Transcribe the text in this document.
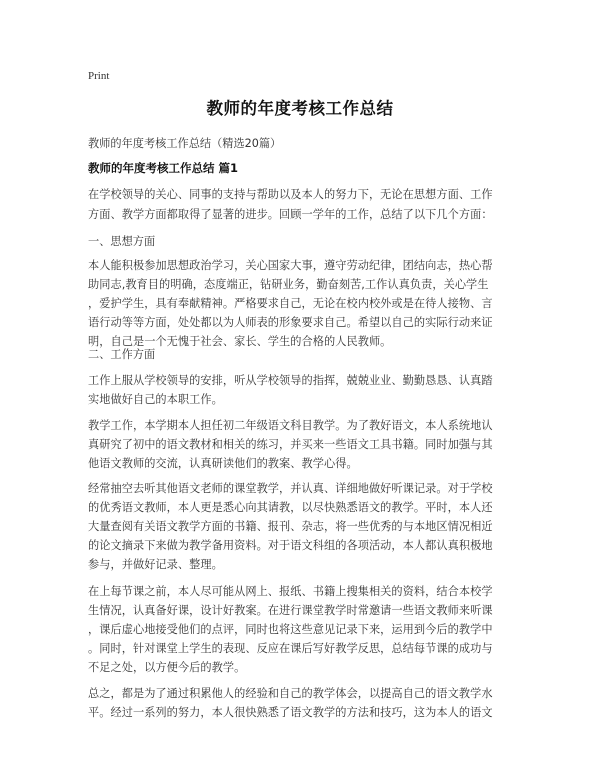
Print
教师的年度考核工作总结
教师的年度考核工作总结（精选20篇）
教师的年度考核工作总结 篇1
在学校领导的关心、同事的支持与帮助以及本人的努力下，无论在思想方面、工作
方面、教学方面都取得了显著的进步。回顾一学年的工作，总结了以下几个方面：
一、思想方面
本人能积极参加思想政治学习，关心国家大事，遵守劳动纪律，团结向志，热心帮
助同志,教育目的明确，态度端正，钻研业务，勤奋刻苦,工作认真负责，关心学生
，爱护学生，具有奉献精神。严格要求自己，无论在校内校外或是在待人接物、言
语行动等等方面，处处都以为人师表的形象要求自己。希望以自己的实际行动来证
明，自己是一个无愧于社会、家长、学生的合格的人民教师。
二、工作方面
工作上服从学校领导的安排，听从学校领导的指挥，兢兢业业、勤勤恳恳、认真踏
实地做好自己的本职工作。
教学工作，本学期本人担任初二年级语文科目教学。为了教好语文，本人系统地认
真研究了初中的语文教材和相关的练习，并买来一些语文工具书籍。同时加强与其
他语文教师的交流，认真研读他们的教案、教学心得。
经常抽空去听其他语文老师的课堂教学，并认真、详细地做好听课记录。对于学校
的优秀语文教师，本人更是悉心向其请教，以尽快熟悉语文的教学。平时，本人还
大量查阅有关语文教学方面的书籍、报刊、杂志，将一些优秀的与本地区情况相近
的论文摘录下来做为教学备用资料。对于语文科组的各项活动，本人都认真积极地
参与，并做好记录、整理。
在上每节课之前，本人尽可能从网上、报纸、书籍上搜集相关的资料，结合本校学
生情况，认真备好课，设计好教案。在进行课堂教学时常邀请一些语文教师来听课
，课后虚心地接受他们的点评，同时也将这些意见记录下来，运用到今后的教学中
。同时，针对课堂上学生的表现、反应在课后写好教学反思，总结每节课的成功与
不足之处，以方便今后的教学。
总之，都是为了通过积累他人的经验和自己的教学体会，以提高自己的语文教学水
平。经过一系列的努力，本人很快熟悉了语文教学的方法和技巧，这为本人的语文
